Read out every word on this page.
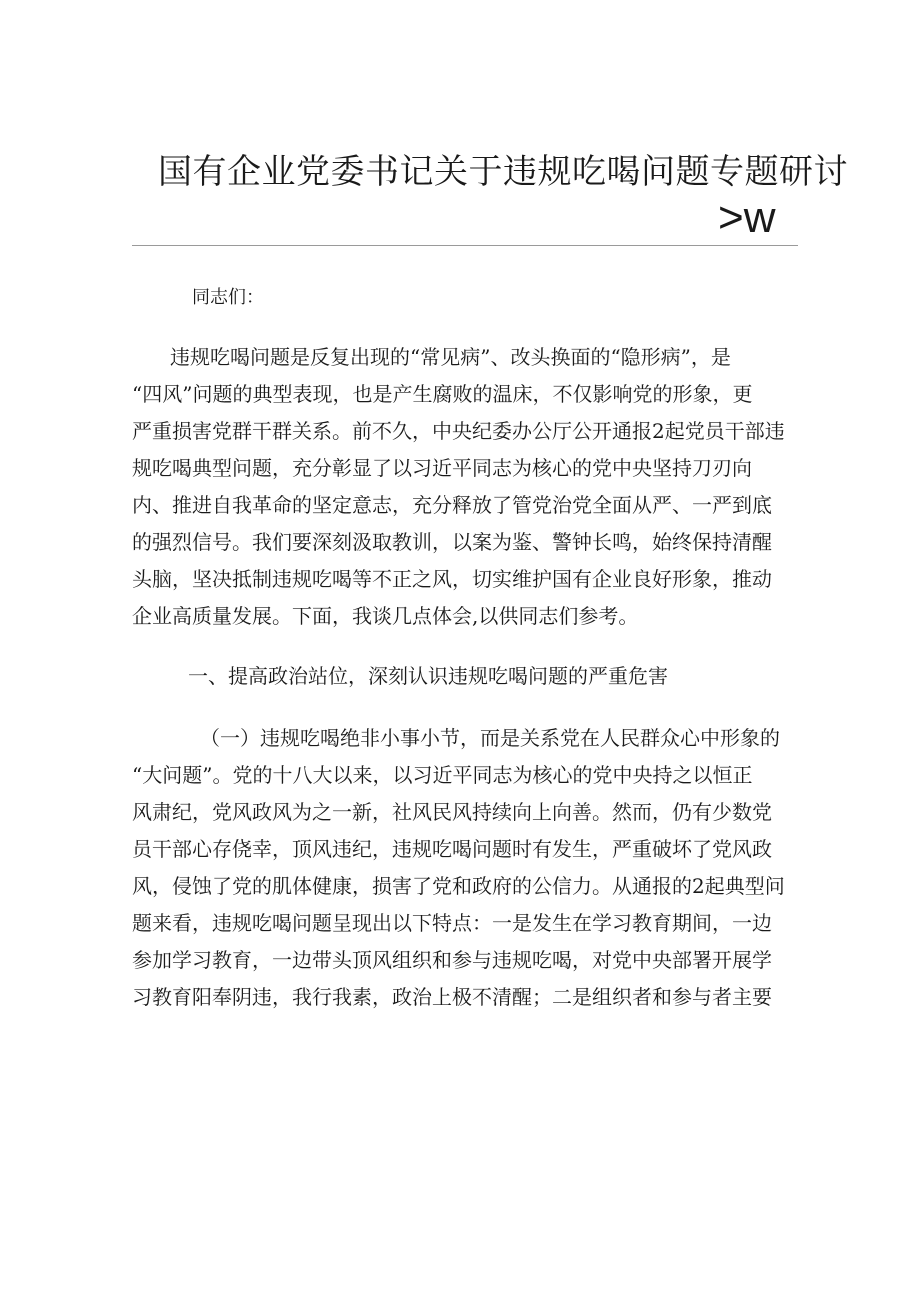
国有企业党委书记关于违规吃喝问题专题研讨
>w
同志们：
违规吃喝问题是反复出现的“常见病”、改头换面的“隐形病”，是
“四风”问题的典型表现，也是产生腐败的温床，不仅影响党的形象，更
严重损害党群干群关系。前不久，中央纪委办公厅公开通报2起党员干部违
规吃喝典型问题，充分彰显了以习近平同志为核心的党中央坚持刀刃向
内、推进自我革命的坚定意志，充分释放了管党治党全面从严、一严到底
的强烈信号。我们要深刻汲取教训，以案为鉴、警钟长鸣，始终保持清醒
头脑，坚决抵制违规吃喝等不正之风，切实维护国有企业良好形象，推动
企业高质量发展。下面，我谈几点体会,以供同志们参考。
一、提高政治站位，深刻认识违规吃喝问题的严重危害
（一）违规吃喝绝非小事小节，而是关系党在人民群众心中形象的
“大问题”。党的十八大以来，以习近平同志为核心的党中央持之以恒正
风肃纪，党风政风为之一新，社风民风持续向上向善。然而，仍有少数党
员干部心存侥幸，顶风违纪，违规吃喝问题时有发生，严重破坏了党风政
风，侵蚀了党的肌体健康，损害了党和政府的公信力。从通报的2起典型问
题来看，违规吃喝问题呈现出以下特点：一是发生在学习教育期间，一边
参加学习教育，一边带头顶风组织和参与违规吃喝，对党中央部署开展学
习教育阳奉阴违，我行我素，政治上极不清醒；二是组织者和参与者主要
